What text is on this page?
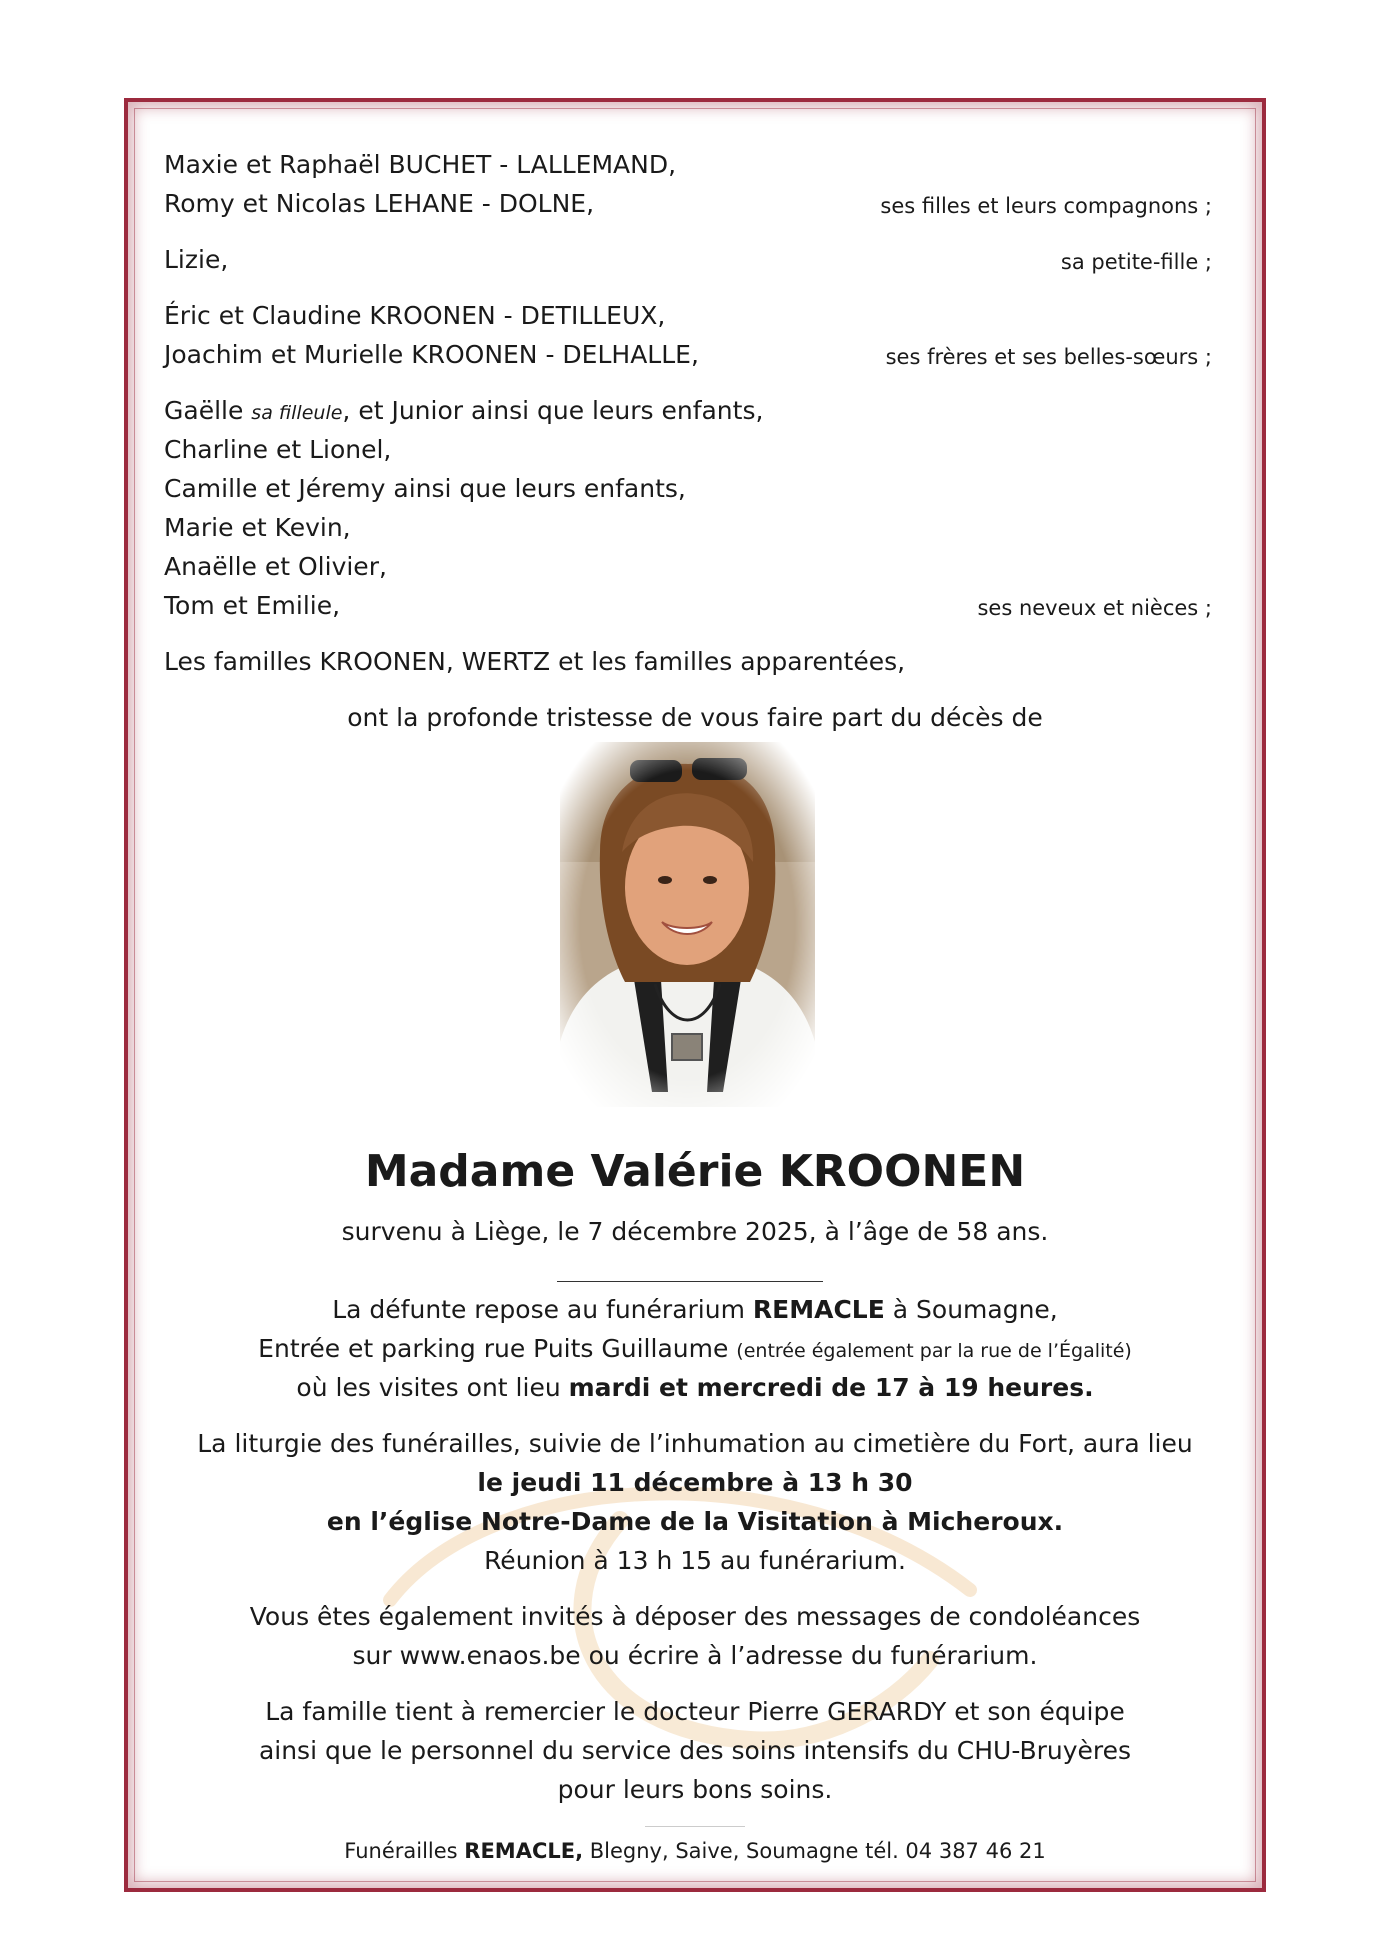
Maxie et Raphaël BUCHET - LALLEMAND,
Romy et Nicolas LEHANE - DOLNE,	ses filles et leurs compagnons ;
Lizie,	sa petite-fille ;
Éric et Claudine KROONEN - DETILLEUX,
Joachim et Murielle KROONEN - DELHALLE,	ses frères et ses belles-sœurs ;
Gaëlle sa filleule, et Junior ainsi que leurs enfants,
Charline et Lionel,
Camille et Jéremy ainsi que leurs enfants,
Marie et Kevin,
Anaëlle et Olivier,
Tom et Emilie,	ses neveux et nièces ;
Les familles KROONEN, WERTZ et les familles apparentées,
ont la profonde tristesse de vous faire part du décès de
Madame Valérie KROONEN
survenu à Liège, le 7 décembre 2025, à l’âge de 58 ans.
La défunte repose au funérarium REMACLE à Soumagne,
Entrée et parking rue Puits Guillaume (entrée également par la rue de l’Égalité)
où les visites ont lieu mardi et mercredi de 17 à 19 heures.
La liturgie des funérailles, suivie de l’inhumation au cimetière du Fort, aura lieu
le jeudi 11 décembre à 13 h 30
en l’église Notre-Dame de la Visitation à Micheroux.
Réunion à 13 h 15 au funérarium.
Vous êtes également invités à déposer des messages de condoléances
sur www.enaos.be ou écrire à l’adresse du funérarium.
La famille tient à remercier le docteur Pierre GERARDY et son équipe
ainsi que le personnel du service des soins intensifs du CHU-Bruyères
pour leurs bons soins.
Funérailles REMACLE, Blegny, Saive, Soumagne tél. 04 387 46 21
